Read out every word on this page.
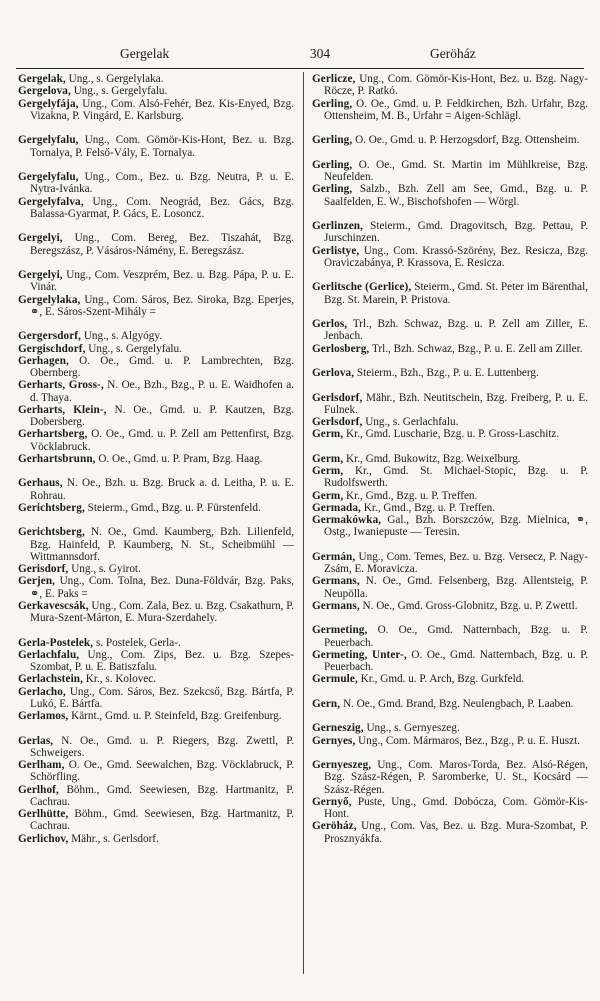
Gergelak	304	Geröház
Gergelak, Ung., s. Gergelylaka.
Gergelova, Ung., s. Gergelyfalu.
Gergelyfája, Ung., Com. Alsó-Fehér, Bez. Kis-Enyed, Bzg. Vizakna, P. Vingárd, E. Karlsburg.
Gergelyfalu, Ung., Com. Gömör-Kis-Hont, Bez. u. Bzg. Tornalya, P. Felső-Vály, E. Tornalya.
Gergelyfalu, Ung., Com., Bez. u. Bzg. Neutra, P. u. E. Nytra-Ivánka.
Gergelyfalva, Ung., Com. Neográd, Bez. Gács, Bzg. Balassa-Gyarmat, P. Gács, E. Losoncz.
Gergelyi, Ung., Com. Bereg, Bez. Tiszahát, Bzg. Beregszász, P. Vásáros-Námény, E. Beregszász.
Gergelyi, Ung., Com. Veszprém, Bez. u. Bzg. Pápa, P. u. E. Vinár.
Gergelylaka, Ung., Com. Sáros, Bez. Siroka, Bzg. Eperjes, ⚭, E. Sáros-Szent-Mihály =
Gergersdorf, Ung., s. Algyógy.
Gergischdorf, Ung., s. Gergelyfalu.
Gerhagen, O. Oe., Gmd. u. P. Lambrechten, Bzg. Obernberg.
Gerharts, Gross-, N. Oe., Bzh., Bzg., P. u. E. Waidhofen a. d. Thaya.
Gerharts, Klein-, N. Oe., Gmd. u. P. Kautzen, Bzg. Dobersberg.
Gerhartsberg, O. Oe., Gmd. u. P. Zell am Pettenfirst, Bzg. Vöcklabruck.
Gerhartsbrunn, O. Oe., Gmd. u. P. Pram, Bzg. Haag.
Gerhaus, N. Oe., Bzh. u. Bzg. Bruck a. d. Leitha, P. u. E. Rohrau.
Gerichtsberg, Steierm., Gmd., Bzg. u. P. Fürstenfeld.
Gerichtsberg, N. Oe., Gmd. Kaumberg, Bzh. Lilienfeld, Bzg. Hainfeld, P. Kaumberg, N. St., Scheibmühl — Wittmannsdorf.
Gerisdorf, Ung., s. Gyirot.
Gerjen, Ung., Com. Tolna, Bez. Duna-Földvár, Bzg. Paks, ⚭, E. Paks =
Gerkavescsák, Ung., Com. Zala, Bez. u. Bzg. Csakathurn, P. Mura-Szent-Márton, E. Mura-Szerdahely.
Gerla-Postelek, s. Postelek, Gerla-.
Gerlachfalu, Ung., Com. Zips, Bez. u. Bzg. Szepes-Szombat, P. u. E. Batiszfalu.
Gerlachstein, Kr., s. Kolovec.
Gerlacho, Ung., Com. Sáros, Bez. Szekcső, Bzg. Bártfa, P. Lukó, E. Bártfa.
Gerlamos, Kärnt., Gmd. u. P. Steinfeld, Bzg. Greifenburg.
Gerlas, N. Oe., Gmd. u. P. Riegers, Bzg. Zwettl, P. Schweigers.
Gerlham, O. Oe., Gmd. Seewalchen, Bzg. Vöcklabruck, P. Schörfling.
Gerlhof, Böhm., Gmd. Seewiesen, Bzg. Hartmanitz, P. Cachrau.
Gerlhütte, Böhm., Gmd. Seewiesen, Bzg. Hartmanitz, P. Cachrau.
Gerlichov, Mähr., s. Gerlsdorf.
Gerlicze, Ung., Com. Gömör-Kis-Hont, Bez. u. Bzg. Nagy-Röcze, P. Ratkó.
Gerling, O. Oe., Gmd. u. P. Feldkirchen, Bzh. Urfahr, Bzg. Ottensheim, M. B., Urfahr = Aigen-Schlägl.
Gerling, O. Oe., Gmd. u. P. Herzogsdorf, Bzg. Ottensheim.
Gerling, O. Oe., Gmd. St. Martin im Mühlkreise, Bzg. Neufelden.
Gerling, Salzb., Bzh. Zell am See, Gmd., Bzg. u. P. Saalfelden, E. W., Bischofshofen — Wörgl.
Gerlinzen, Steierm., Gmd. Dragovitsch, Bzg. Pettau, P. Jurschinzen.
Gerlistye, Ung., Com. Krassó-Szörény, Bez. Resicza, Bzg. Oraviczabánya, P. Krassova, E. Resicza.
Gerlitsche (Gerlice), Steierm., Gmd. St. Peter im Bärenthal, Bzg. St. Marein, P. Pristova.
Gerlos, Trl., Bzh. Schwaz, Bzg. u. P. Zell am Ziller, E. Jenbach.
Gerlosberg, Trl., Bzh. Schwaz, Bzg., P. u. E. Zell am Ziller.
Gerlova, Steierm., Bzh., Bzg., P. u. E. Luttenberg.
Gerlsdorf, Mähr., Bzh. Neutitschein, Bzg. Freiberg, P. u. E. Fulnek.
Gerlsdorf, Ung., s. Gerlachfalu.
Germ, Kr., Gmd. Luscharie, Bzg. u. P. Gross-Laschitz.
Germ, Kr., Gmd. Bukowitz, Bzg. Weixelburg.
Germ, Kr., Gmd. St. Michael-Stopic, Bzg. u. P. Rudolfswerth.
Germ, Kr., Gmd., Bzg. u. P. Treffen.
Germada, Kr., Gmd., Bzg. u. P. Treffen.
Germakówka, Gal., Bzh. Borszczów, Bzg. Mielnica, ⚭, Ostg., Iwaniepuste — Teresin.
Germán, Ung., Com. Temes, Bez. u. Bzg. Versecz, P. Nagy-Zsám, E. Moravicza.
Germans, N. Oe., Gmd. Felsenberg, Bzg. Allentsteig, P. Neupölla.
Germans, N. Oe., Gmd. Gross-Globnitz, Bzg. u. P. Zwettl.
Germeting, O. Oe., Gmd. Natternbach, Bzg. u. P. Peuerbach.
Germeting, Unter-, O. Oe., Gmd. Natternbach, Bzg. u. P. Peuerbach.
Germule, Kr., Gmd. u. P. Arch, Bzg. Gurkfeld.
Gern, N. Oe., Gmd. Brand, Bzg. Neulengbach, P. Laaben.
Gerneszig, Ung., s. Gernyeszeg.
Gernyes, Ung., Com. Mármaros, Bez., Bzg., P. u. E. Huszt.
Gernyeszeg, Ung., Com. Maros-Torda, Bez. Alsó-Régen, Bzg. Szász-Régen, P. Saromberke, U. St., Kocsárd — Szász-Régen.
Gernyő, Puste, Ung., Gmd. Dobócza, Com. Gömör-Kis-Hont.
Geröház, Ung., Com. Vas, Bez. u. Bzg. Mura-Szombat, P. Prosznyákfa.
